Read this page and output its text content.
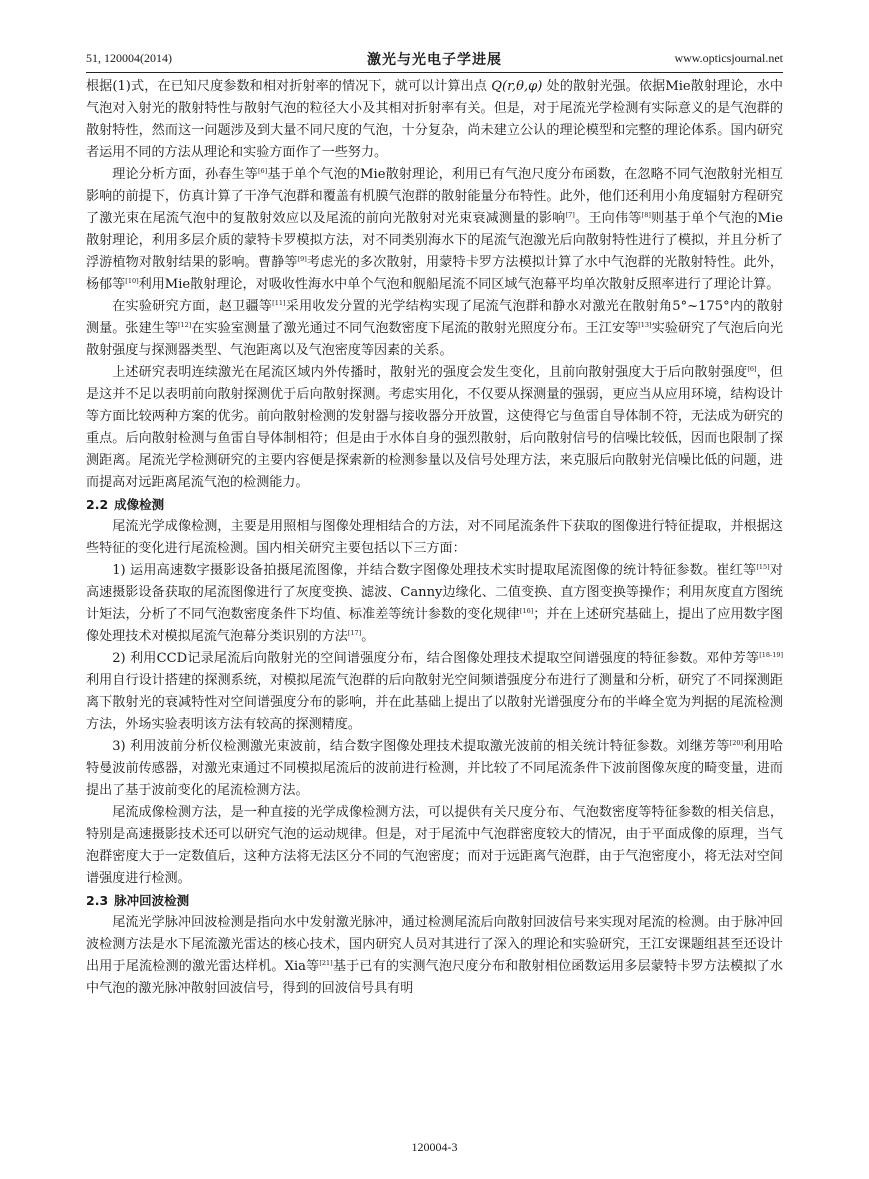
51, 120004(2014)	激光与光电子学进展	www.opticsjournal.net

根据(1)式，在已知尺度参数和相对折射率的情况下，就可以计算出点 Q(r,θ,φ) 处的散射光强。依据Mie散射理论，水中气泡对入射光的散射特性与散射气泡的粒径大小及其相对折射率有关。但是，对于尾流光学检测有实际意义的是气泡群的散射特性，然而这一问题涉及到大量不同尺度的气泡，十分复杂，尚未建立公认的理论模型和完整的理论体系。国内研究者运用不同的方法从理论和实验方面作了一些努力。

理论分析方面，孙春生等[6]基于单个气泡的Mie散射理论，利用已有气泡尺度分布函数，在忽略不同气泡散射光相互影响的前提下，仿真计算了干净气泡群和覆盖有机膜气泡群的散射能量分布特性。此外，他们还利用小角度辐射方程研究了激光束在尾流气泡中的复散射效应以及尾流的前向光散射对光束衰减测量的影响[7]。王向伟等[8]则基于单个气泡的Mie散射理论，利用多层介质的蒙特卡罗模拟方法，对不同类别海水下的尾流气泡激光后向散射特性进行了模拟，并且分析了浮游植物对散射结果的影响。曹静等[9]考虑光的多次散射，用蒙特卡罗方法模拟计算了水中气泡群的光散射特性。此外，杨郁等[10]利用Mie散射理论，对吸收性海水中单个气泡和舰船尾流不同区域气泡幕平均单次散射反照率进行了理论计算。

在实验研究方面，赵卫疆等[11]采用收发分置的光学结构实现了尾流气泡群和静水对激光在散射角5°~175°内的散射测量。张建生等[12]在实验室测量了激光通过不同气泡数密度下尾流的散射光照度分布。王江安等[13]实验研究了气泡后向光散射强度与探测器类型、气泡距离以及气泡密度等因素的关系。

上述研究表明连续激光在尾流区域内外传播时，散射光的强度会发生变化，且前向散射强度大于后向散射强度[6]，但是这并不足以表明前向散射探测优于后向散射探测。考虑实用化，不仅要从探测量的强弱，更应当从应用环境，结构设计等方面比较两种方案的优劣。前向散射检测的发射器与接收器分开放置，这使得它与鱼雷自导体制不符，无法成为研究的重点。后向散射检测与鱼雷自导体制相符；但是由于水体自身的强烈散射，后向散射信号的信噪比较低，因而也限制了探测距离。尾流光学检测研究的主要内容便是探索新的检测参量以及信号处理方法，来克服后向散射光信噪比低的问题，进而提高对远距离尾流气泡的检测能力。

2.2 成像检测

尾流光学成像检测，主要是用照相与图像处理相结合的方法，对不同尾流条件下获取的图像进行特征提取，并根据这些特征的变化进行尾流检测。国内相关研究主要包括以下三方面：

1) 运用高速数字摄影设备拍摄尾流图像，并结合数字图像处理技术实时提取尾流图像的统计特征参数。崔红等[15]对高速摄影设备获取的尾流图像进行了灰度变换、滤波、Canny边缘化、二值变换、直方图变换等操作；利用灰度直方图统计矩法，分析了不同气泡数密度条件下均值、标准差等统计参数的变化规律[16]；并在上述研究基础上，提出了应用数字图像处理技术对模拟尾流气泡幕分类识别的方法[17]。

2) 利用CCD记录尾流后向散射光的空间谱强度分布，结合图像处理技术提取空间谱强度的特征参数。邓仲芳等[18-19]利用自行设计搭建的探测系统，对模拟尾流气泡群的后向散射光空间频谱强度分布进行了测量和分析，研究了不同探测距离下散射光的衰减特性对空间谱强度分布的影响，并在此基础上提出了以散射光谱强度分布的半峰全宽为判据的尾流检测方法，外场实验表明该方法有较高的探测精度。

3) 利用波前分析仪检测激光束波前，结合数字图像处理技术提取激光波前的相关统计特征参数。刘继芳等[20]利用哈特曼波前传感器，对激光束通过不同模拟尾流后的波前进行检测，并比较了不同尾流条件下波前图像灰度的畸变量，进而提出了基于波前变化的尾流检测方法。

尾流成像检测方法，是一种直接的光学成像检测方法，可以提供有关尺度分布、气泡数密度等特征参数的相关信息，特别是高速摄影技术还可以研究气泡的运动规律。但是，对于尾流中气泡群密度较大的情况，由于平面成像的原理，当气泡群密度大于一定数值后，这种方法将无法区分不同的气泡密度；而对于远距离气泡群，由于气泡密度小，将无法对空间谱强度进行检测。

2.3 脉冲回波检测

尾流光学脉冲回波检测是指向水中发射激光脉冲，通过检测尾流后向散射回波信号来实现对尾流的检测。由于脉冲回波检测方法是水下尾流激光雷达的核心技术，国内研究人员对其进行了深入的理论和实验研究，王江安课题组甚至还设计出用于尾流检测的激光雷达样机。Xia等[21]基于已有的实测气泡尺度分布和散射相位函数运用多层蒙特卡罗方法模拟了水中气泡的激光脉冲散射回波信号，得到的回波信号具有明

120004-3
